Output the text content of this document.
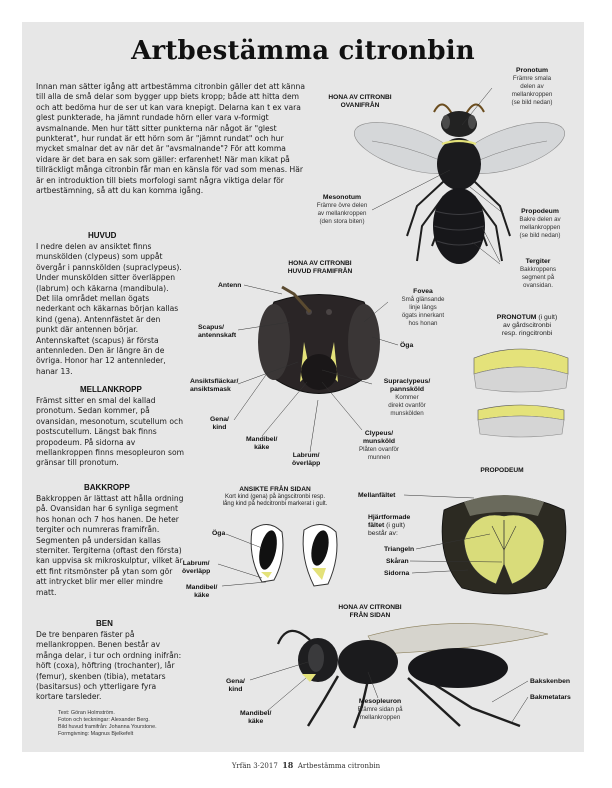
Artbestämma citronbin
Innan man sätter igång att artbestämma citronbin gäller det att känna till alla de små delar som bygger upp biets kropp; både att hitta dem och att bedöma hur de ser ut kan vara knepigt. Delarna kan t ex vara glest punkterade, ha jämnt rundade hörn eller vara v-formigt avsmalnande. Men hur tätt sitter punkterna när något är "glest punkterat", hur rundat är ett hörn som är "jämnt rundat" och hur mycket smalnar det av när det är "avsmalnande"? För att komma vidare är det bara en sak som gäller: erfarenhet! När man kikat på tillräckligt många citronbin får man en känsla för vad som menas. Här är en introduktion till biets morfologi samt några viktiga delar för artbestämning, så att du kan komma igång.
HUVUD
I nedre delen av ansiktet finns munskölden (clypeus) som uppåt övergår i pannskölden (supraclypeus). Under munskölden sitter överläppen (labrum) och käkarna (mandibula). Det lila området mellan ögats nederkant och käkarnas början kallas kind (gena). Antennfästet är den punkt där antennen börjar. Antennskaftet (scapus) är första antennleden. Den är längre än de övriga. Honor har 12 antennleder, hanar 13.
MELLANKROPP
Främst sitter en smal del kallad pronotum. Sedan kommer, på ovansidan, mesonotum, scutellum och postscutellum. Längst bak finns propodeum. På sidorna av mellankroppen finns mesopleuron som gränsar till pronotum.
BAKKROPP
Bakkroppen är lättast att hålla ordning på. Ovansidan har 6 synliga segment hos honan och 7 hos hanen. De heter tergiter och numreras framifrån. Segmenten på undersidan kallas sterniter. Tergiterna (oftast den första) kan uppvisa sk mikroskulptur, vilket är ett fint ritsmönster på ytan som gör att intrycket blir mer eller mindre matt.
BEN
De tre benparen fäster på mellankroppen. Benen består av många delar, i tur och ordning inifrån: höft (coxa), höftring (trochanter), lår (femur), skenben (tibia), metatars (basitarsus) och ytterligare fyra kortare tarsleder.
Text: Göran Holmström.
Foton och teckningar: Alexander Berg.
Bild huvud framifrån: Johanna Yourstone.
Formgivning: Magnus Bjelkefelt
HONA AV CITRONBI
OVANIFRÅN
Pronotum
Främre smala
delen av
mellankroppen
(se bild nedan)
Mesonotum
Främre övre delen
av mellankroppen
(den stora biten)
Propodeum
Bakre delen av
mellankroppen
(se bild nedan)
Tergiter
Bakkroppens
segment på
ovansidan.
HONA AV CITRONBI
HUVUD FRAMIFRÅN
Antenn
Fovea
Små glänsande
linje längs
ögats innerkant
hos honan
Scapus/
antennskaft
Öga
Ansiktsfläckar/
ansiktsmask
Supraclypeus/
pannsköld
Kommer
direkt ovanför
munskölden
Gena/
kind
Mandibel/
käke
Labrum/
överläpp
Clypeus/
munsköld
Plåten ovanför
munnen
PRONOTUM (i gult)
av gårdscitronbi
resp. ringcitronbi
ANSIKTE FRÅN SIDAN
Kort kind (gena) på ängscitronbi resp.
lång kind på hedcitronbi markerat i gult.
Öga
Labrum/
överläpp
Mandibel/
käke
PROPODEUM
Mellanfältet
Hjärtformade
fältet (i gult)
består av:
Triangeln
Skåran
Sidorna
HONA AV CITRONBI
FRÅN SIDAN
Gena/
kind
Mandibel/
käke
Mesopleuron
Främre sidan på
mellankroppen
Bakskenben
Bakmetatars
Yrfän 3·2017 18 Artbestämma citronbin
